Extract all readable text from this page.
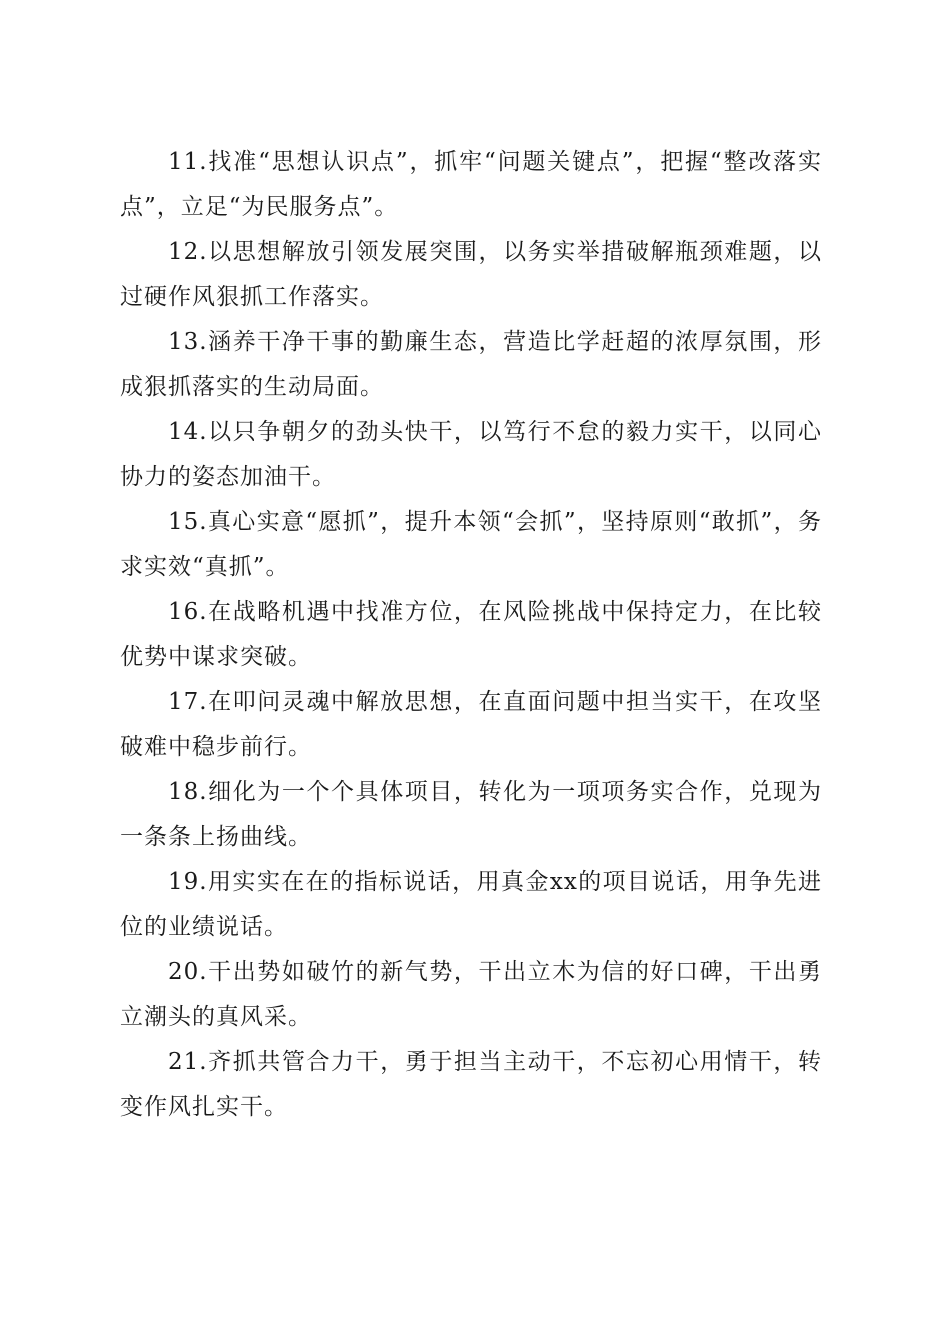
11.找准“思想认识点”，抓牢“问题关键点”，把握“整改落实点”，立足“为民服务点”。

12.以思想解放引领发展突围，以务实举措破解瓶颈难题，以过硬作风狠抓工作落实。

13.涵养干净干事的勤廉生态，营造比学赶超的浓厚氛围，形成狠抓落实的生动局面。

14.以只争朝夕的劲头快干，以笃行不怠的毅力实干，以同心协力的姿态加油干。

15.真心实意“愿抓”，提升本领“会抓”，坚持原则“敢抓”，务求实效“真抓”。

16.在战略机遇中找准方位，在风险挑战中保持定力，在比较优势中谋求突破。

17.在叩问灵魂中解放思想，在直面问题中担当实干，在攻坚破难中稳步前行。

18.细化为一个个具体项目，转化为一项项务实合作，兑现为一条条上扬曲线。

19.用实实在在的指标说话，用真金xx的项目说话，用争先进位的业绩说话。

20.干出势如破竹的新气势，干出立木为信的好口碑，干出勇立潮头的真风采。

21.齐抓共管合力干，勇于担当主动干，不忘初心用情干，转变作风扎实干。
